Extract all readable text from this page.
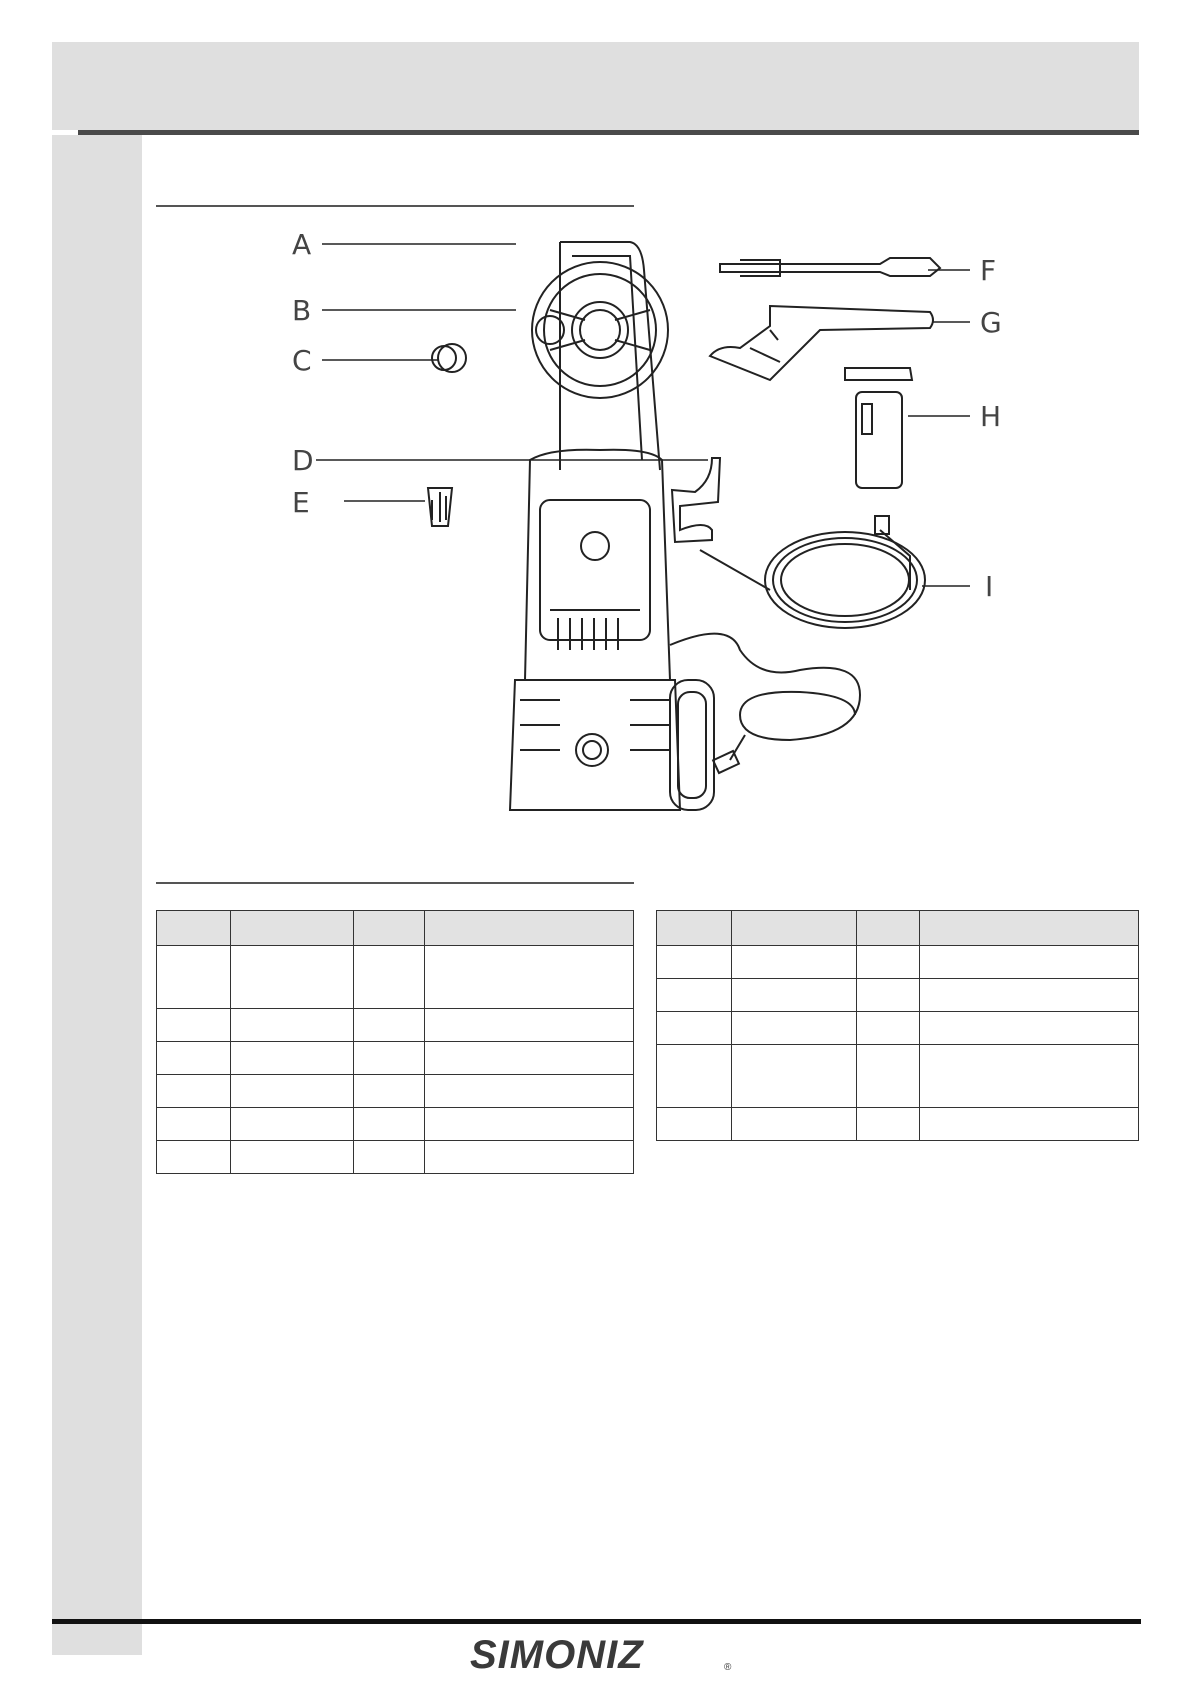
A
B
C
D
E
F
G
H
I

SIMONIZ	®
